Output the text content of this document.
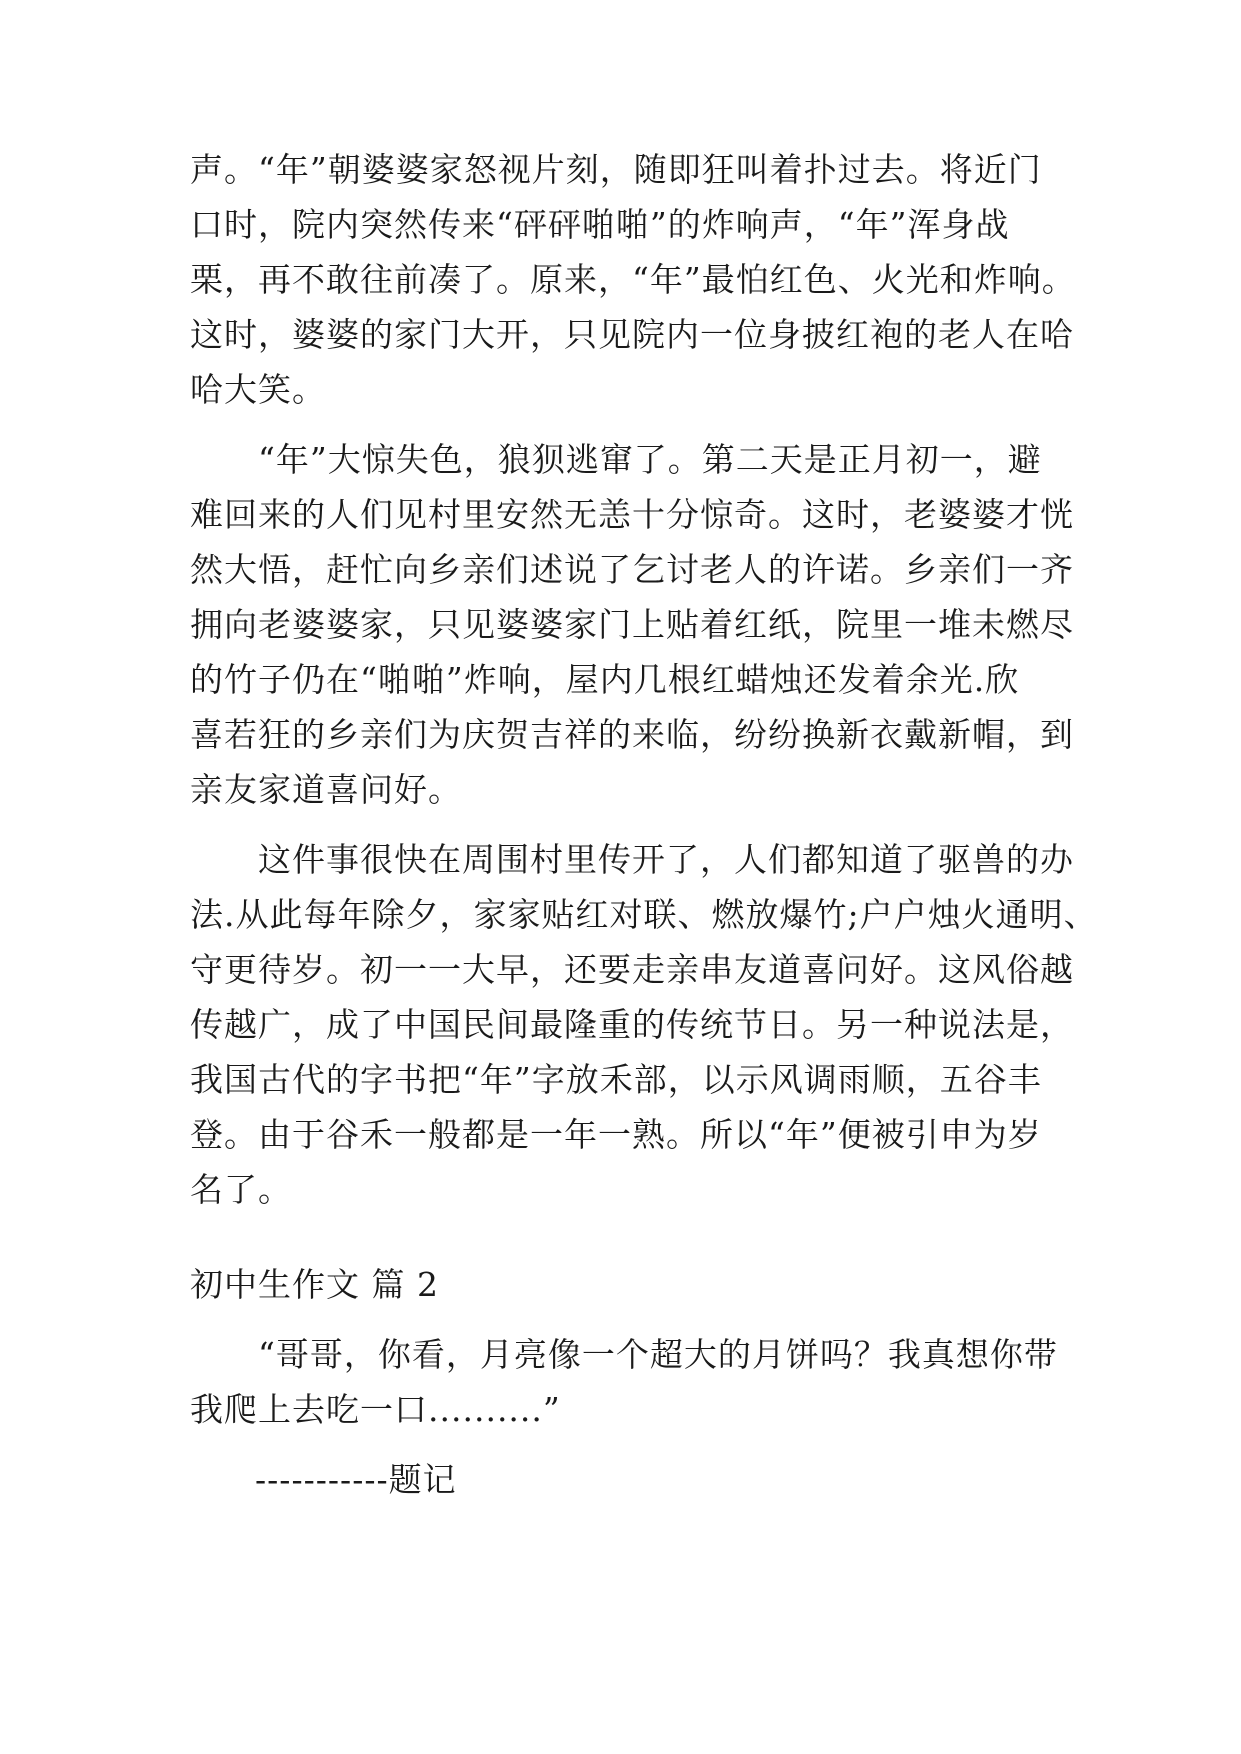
声。“年”朝婆婆家怒视片刻，随即狂叫着扑过去。将近门
口时，院内突然传来“砰砰啪啪”的炸响声，“年”浑身战
栗，再不敢往前凑了。原来，“年”最怕红色、火光和炸响。
这时，婆婆的家门大开，只见院内一位身披红袍的老人在哈
哈大笑。
“年”大惊失色，狼狈逃窜了。第二天是正月初一，避
难回来的人们见村里安然无恙十分惊奇。这时，老婆婆才恍
然大悟，赶忙向乡亲们述说了乞讨老人的许诺。乡亲们一齐
拥向老婆婆家，只见婆婆家门上贴着红纸，院里一堆未燃尽
的竹子仍在“啪啪”炸响，屋内几根红蜡烛还发着余光.欣
喜若狂的乡亲们为庆贺吉祥的来临，纷纷换新衣戴新帽，到
亲友家道喜问好。
这件事很快在周围村里传开了，人们都知道了驱兽的办
法.从此每年除夕，家家贴红对联、燃放爆竹;户户烛火通明、
守更待岁。初一一大早，还要走亲串友道喜问好。这风俗越
传越广，成了中国民间最隆重的传统节日。另一种说法是，
我国古代的字书把“年”字放禾部，以示风调雨顺，五谷丰
登。由于谷禾一般都是一年一熟。所以“年”便被引申为岁
名了。
初中生作文 篇 2
“哥哥，你看，月亮像一个超大的月饼吗？我真想你带
我爬上去吃一口..........”
-----------题记
